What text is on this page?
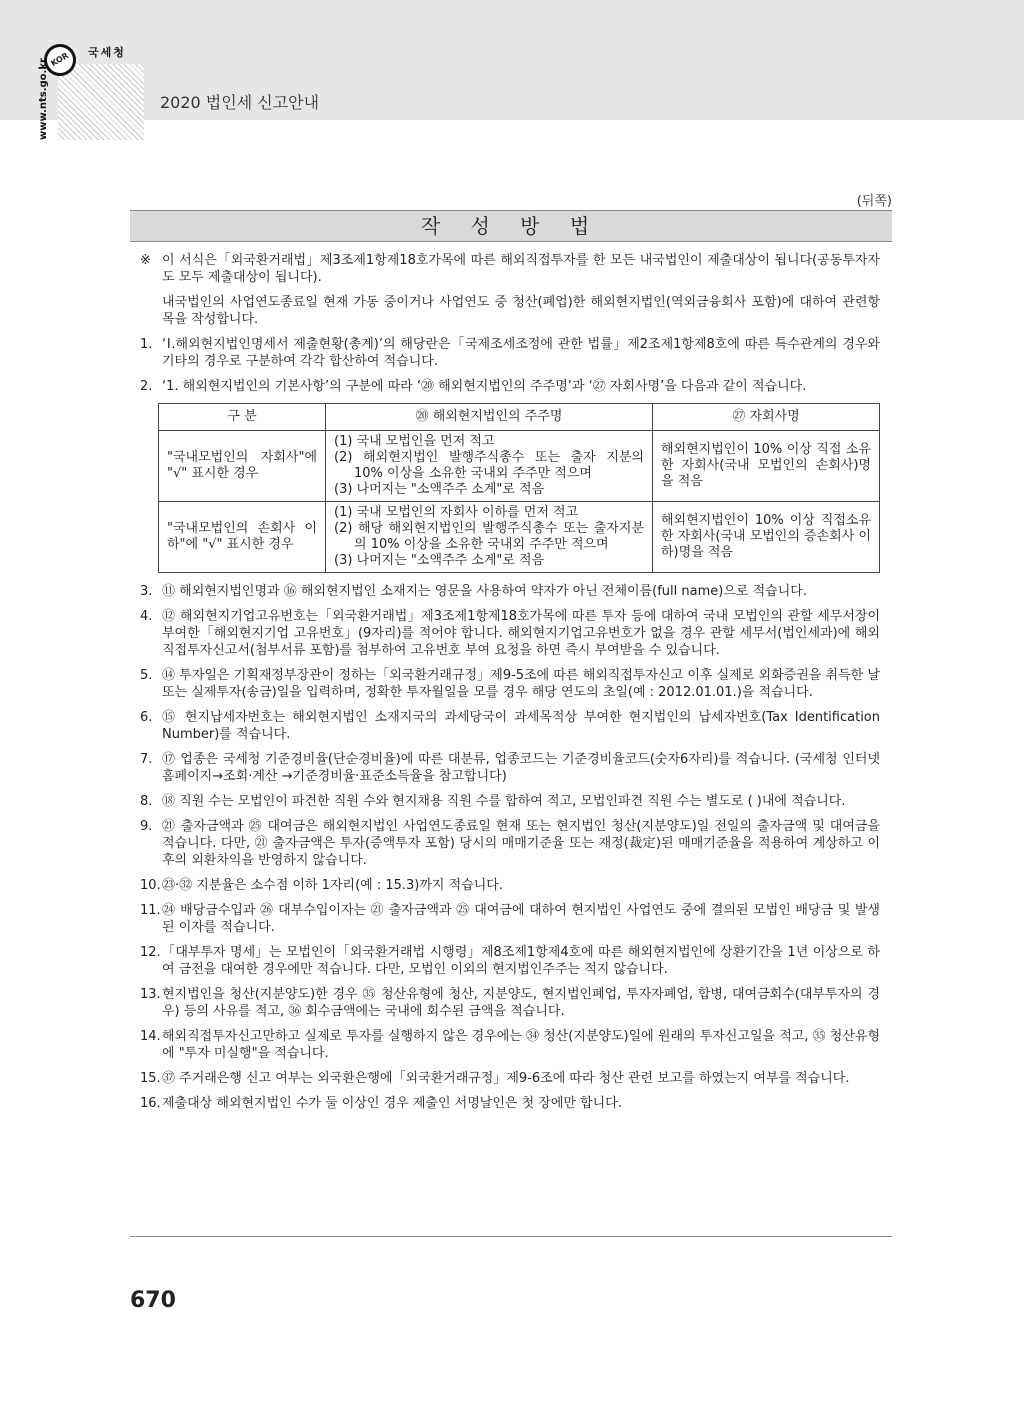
KOR	국세청
www.nts.go.kr	2020 법인세 신고안내
(뒤쪽)
작 성 방 법
※ 이 서식은「외국환거래법」제3조제1항제18호가목에 따른 해외직접투자를 한 모든 내국법인이 제출대상이 됩니다(공동투자자도 모두 제출대상이 됩니다).
내국법인의 사업연도종료일 현재 가동 중이거나 사업연도 중 청산(폐업)한 해외현지법인(역외금융회사 포함)에 대하여 관련항목을 작성합니다.
1. ‘Ⅰ.해외현지법인명세서 제출현황(총계)’의 해당란은「국제조세조정에 관한 법률」제2조제1항제8호에 따른 특수관계의 경우와 기타의 경우로 구분하여 각각 합산하여 적습니다.
2. ‘1. 해외현지법인의 기본사항’의 구분에 따라 ‘⑳ 해외현지법인의 주주명’과 ‘㉗ 자회사명’을 다음과 같이 적습니다.
구 분	⑳ 해외현지법인의 주주명	㉗ 자회사명
"국내모법인의 자회사"에 "√" 표시한 경우	(1) 국내 모법인을 먼저 적고
(2) 해외현지법인 발행주식총수 또는 출자 지분의 10% 이상을 소유한 국내외 주주만 적으며
(3) 나머지는 "소액주주 소계"로 적음	해외현지법인이 10% 이상 직접 소유한 자회사(국내 모법인의 손회사)명을 적음
"국내모법인의 손회사 이하"에 "√" 표시한 경우	(1) 국내 모법인의 자회사 이하를 먼저 적고
(2) 해당 해외현지법인의 발행주식총수 또는 출자지분의 10% 이상을 소유한 국내외 주주만 적으며
(3) 나머지는 "소액주주 소계"로 적음	해외현지법인이 10% 이상 직접소유한 자회사(국내 모법인의 증손회사 이하)명을 적음
3. ⑪ 해외현지법인명과 ⑯ 해외현지법인 소재지는 영문을 사용하여 약자가 아닌 전체이름(full name)으로 적습니다.
4. ⑫ 해외현지기업고유번호는「외국환거래법」제3조제1항제18호가목에 따른 투자 등에 대하여 국내 모법인의 관할 세무서장이 부여한「해외현지기업 고유번호」(9자리)를 적어야 합니다. 해외현지기업고유번호가 없을 경우 관할 세무서(법인세과)에 해외직접투자신고서(첨부서류 포함)를 첨부하여 고유번호 부여 요청을 하면 즉시 부여받을 수 있습니다.
5. ⑭ 투자일은 기획재정부장관이 정하는「외국환거래규정」제9-5조에 따른 해외직접투자신고 이후 실제로 외화증권을 취득한 날 또는 실제투자(송금)일을 입력하며, 정확한 투자월일을 모를 경우 해당 연도의 초일(예 : 2012.01.01.)을 적습니다.
6. ⑮ 현지납세자번호는 해외현지법인 소재지국의 과세당국이 과세목적상 부여한 현지법인의 납세자번호(Tax Identification Number)를 적습니다.
7. ⑰ 업종은 국세청 기준경비율(단순경비율)에 따른 대분류, 업종코드는 기준경비율코드(숫자6자리)를 적습니다. (국세청 인터넷 홈페이지→조회·계산 →기준경비율·표준소득율을 참고합니다)
8. ⑱ 직원 수는 모법인이 파견한 직원 수와 현지채용 직원 수를 합하여 적고, 모법인파견 직원 수는 별도로 ( )내에 적습니다.
9. ㉑ 출자금액과 ㉕ 대여금은 해외현지법인 사업연도종료일 현재 또는 현지법인 청산(지분양도)일 전일의 출자금액 및 대여금을 적습니다. 다만, ㉑ 출자금액은 투자(증액투자 포함) 당시의 매매기준율 또는 재정(裁定)된 매매기준율을 적용하여 계상하고 이후의 외환차익을 반영하지 않습니다.
10. ㉓·㉜ 지분율은 소수점 이하 1자리(예 : 15.3)까지 적습니다.
11. ㉔ 배당금수입과 ㉖ 대부수입이자는 ㉑ 출자금액과 ㉕ 대여금에 대하여 현지법인 사업연도 중에 결의된 모법인 배당금 및 발생된 이자를 적습니다.
12. 「대부투자 명세」는 모법인이「외국환거래법 시행령」제8조제1항제4호에 따른 해외현지법인에 상환기간을 1년 이상으로 하여 금전을 대여한 경우에만 적습니다. 다만, 모법인 이외의 현지법인주주는 적지 않습니다.
13. 현지법인을 청산(지분양도)한 경우 ㉟ 청산유형에 청산, 지분양도, 현지법인폐업, 투자자폐업, 합병, 대여금회수(대부투자의 경우) 등의 사유를 적고, ㊱ 회수금액에는 국내에 회수된 금액을 적습니다.
14. 해외직접투자신고만하고 실제로 투자를 실행하지 않은 경우에는 ㉞ 청산(지분양도)일에 원래의 투자신고일을 적고, ㉟ 청산유형에 "투자 미실행"을 적습니다.
15. ㊲ 주거래은행 신고 여부는 외국환은행에「외국환거래규정」제9-6조에 따라 청산 관련 보고를 하였는지 여부를 적습니다.
16. 제출대상 해외현지법인 수가 둘 이상인 경우 제출인 서명날인은 첫 장에만 합니다.
670
